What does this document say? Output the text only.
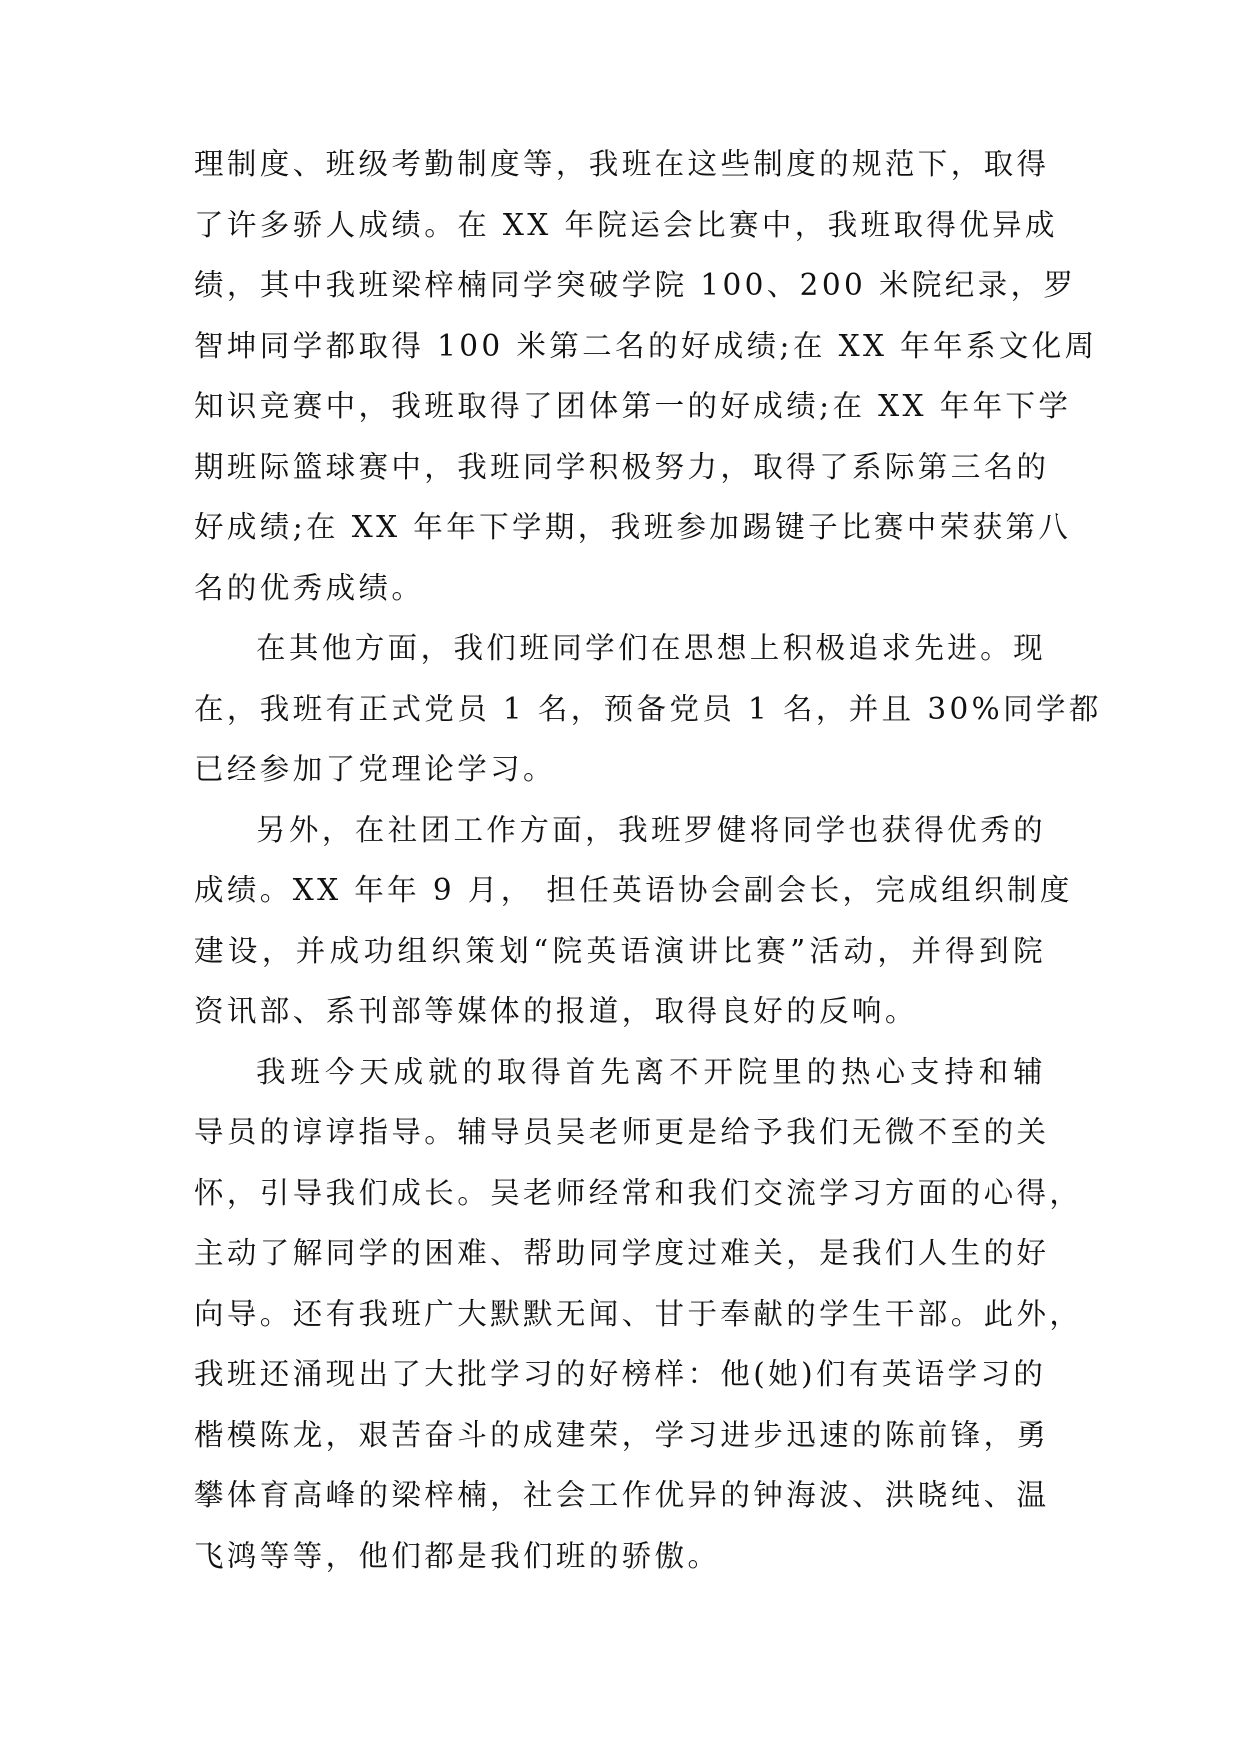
理制度、班级考勤制度等，我班在这些制度的规范下，取得
了许多骄人成绩。在 XX 年院运会比赛中，我班取得优异成
绩，其中我班梁梓楠同学突破学院 100、200 米院纪录，罗
智坤同学都取得 100 米第二名的好成绩;在 XX 年年系文化周
知识竞赛中，我班取得了团体第一的好成绩;在 XX 年年下学
期班际篮球赛中，我班同学积极努力，取得了系际第三名的
好成绩;在 XX 年年下学期，我班参加踢键子比赛中荣获第八
名的优秀成绩。
在其他方面，我们班同学们在思想上积极追求先进。现
在，我班有正式党员 1 名，预备党员 1 名，并且 30%同学都
已经参加了党理论学习。
另外，在社团工作方面，我班罗健将同学也获得优秀的
成绩。XX 年年 9 月， 担任英语协会副会长，完成组织制度
建设，并成功组织策划“院英语演讲比赛”活动，并得到院
资讯部、系刊部等媒体的报道，取得良好的反响。
我班今天成就的取得首先离不开院里的热心支持和辅
导员的谆谆指导。辅导员吴老师更是给予我们无微不至的关
怀，引导我们成长。吴老师经常和我们交流学习方面的心得，
主动了解同学的困难、帮助同学度过难关，是我们人生的好
向导。还有我班广大默默无闻、甘于奉献的学生干部。此外，
我班还涌现出了大批学习的好榜样：他(她)们有英语学习的
楷模陈龙，艰苦奋斗的成建荣，学习进步迅速的陈前锋，勇
攀体育高峰的梁梓楠，社会工作优异的钟海波、洪晓纯、温
飞鸿等等，他们都是我们班的骄傲。
